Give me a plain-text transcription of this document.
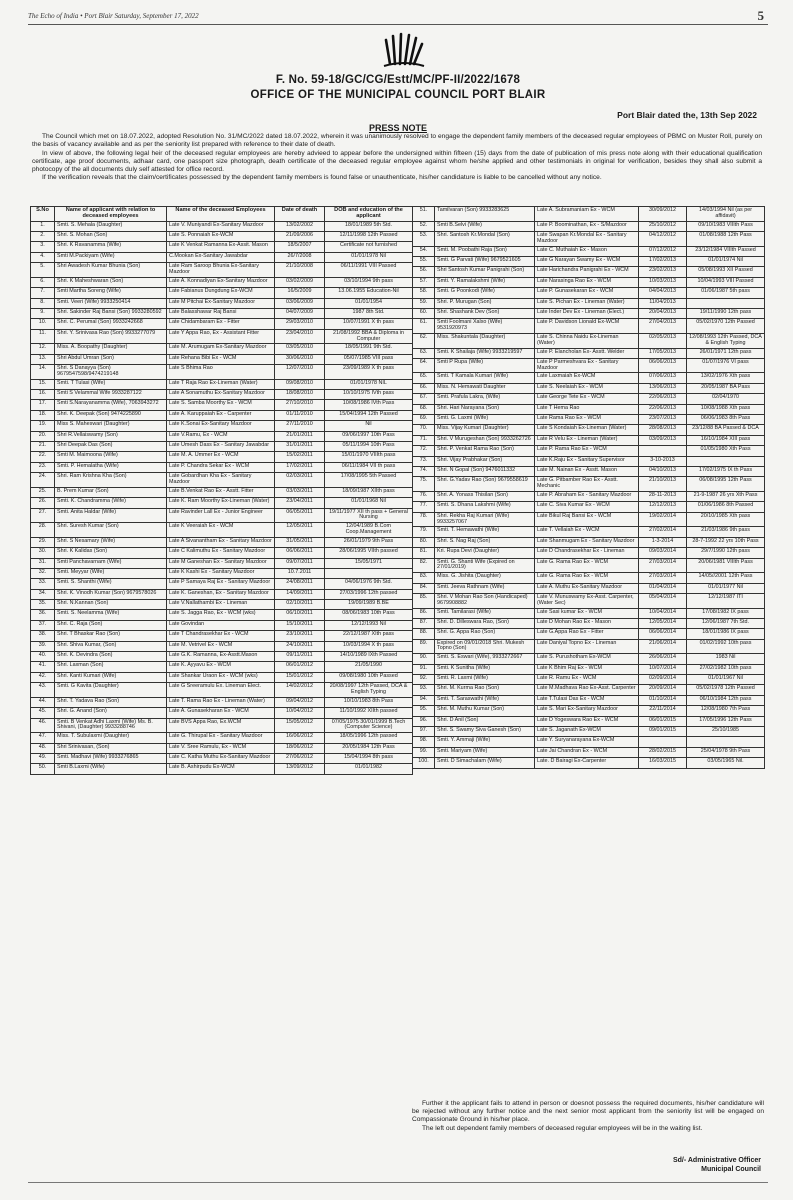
The Echo of India • Port Blair Saturday, September 17, 2022	5
F. No. 59-18/GC/CG/Estt/MC/PF-II/2022/1678
OFFICE OF THE MUNICIPAL COUNCIL PORT BLAIR
Port Blair dated the, 13th Sep 2022
PRESS NOTE

The Council which met on 18.07.2022, adopted Resolution No. 31/MC/2022 dated 18.07.2022, wherein it was unanimously resolved to engage the dependent family members of the deceased regular employees of PBMC on Muster Roll, purely on the basis of vacancy available and as per the seniority list prepared with reference to their date of death.

In view of above, the following legal heir of the deceased regular employees are hereby advieed to appear before the undersigned within fifteen (15) days from the date of publication of mis press note along with their educational qualification certificate, age proof documents, adhaar card, one passport size photograph, death certificate of the deceased regular employee against whom he/she applied and other testimonials in original for verification, besides they shall also submit a photocopy of the all documents duly self attested for office record.

If the verification reveals that the claim/certificates possessed by the dependent family members is found false or unauthenticate, his/her candidature is liable to be cancelled without any notice.

S.No	Name of applicant with relation to deceased employees	Name of the deceased Employees	Date of death	DOB and education of the applicant
1.	Smti. S. Mehala (Daughter)	Late V. Muniyandi Ex-Sanitary Mazdoor	13/02/2002	18/01/1989 5th Std.
2.	Shri. S. Mohan (Son)	Late S. Ponnaiah Ex-WCM	21/09/2006	12/11/1998 12th Passed
3.	Shri. K Ravanamma (Wife)	Late K Venkat Ramanna Ex-Assit. Mason	18/5/2007	Certificate not furnished
4.	Smti M.Packiyam (Wife)	C.Mookan Ex-Sanitary Jawabdar	26/7/2008	01/01/1978 Nil
5.	Shri Awadesh Kumar Bhunia (Son)	Late Ram Saroop Bhunia Ex-Sanitary Mazdoor	21/10/2008	06/11/1991 VIII Passed
6.	Shri. K Maheshwaran (Son)	Late A. Konnadiyan Ex-Sanitary Mazdoor	03/02/2009	03/10/1994 9th pass
7.	Smti Martha Soreng (Wife)	Late Fabianus Dungdung Ex-WCM	16/5/2009	13.06.1955 Education-Nil
8.	Smti. Veeri (Wife) 9933250414	Late M Pitchai Ex-Sanitary Mazdoor	03/06/2009	01/01/1954
9.	Shri. Sakinder Raj Bansi (Son) 9933280592	Late Balasshawar Raj Bansi	04/07/2009	1987 8th Std.
10.	Shri. C. Perumal (Son) 9933242668	Late Chidambaram Ex - Fitter	29/03/2010	10/07/1991 X th pass
11.	Shri. Y. Srinivasa Rao (Son) 9933277079	Late Y Appa Rao, Ex - Assistant Fitter	23/04/2010	21/08/1992 BBA & Diploma in Computer
12.	Miss. A. Boopathy (Daughter)	Late M. Arumugam Ex-Sanitary Mazdoor	03/05/2010	18/05/1991 9th Std.
13.	Shri Abdul Umran (Son)	Late Rehana Bibi Ex - WCM	30/06/2010	05/07/1985 VIII pass
14.	Shri. S Danayya (Son) 9679547598/9474219148	Late S Bhima Rao	12/07/2010	23/09/1989 X th pass
15.	Smti. T Tulasi (Wife)	Late T Raja Rao Ex-Lineman (Water)	09/08/2010	01/01/1978 NIL
16.	Smti S Velammal Wife 9933287122	Late A Sonamuthu Ex-Sanitary Mazdoor	18/08/2010	10/10/1975 IVth pass
17.	Smti S.Narayanamma (Wife), 7063943272	Late S. Samba Moorthy Ex - WCM	27/10/2010	10/08/1986 IVth Pass
18.	Shri. K. Deepak (Son) 9474225890	Late A. Karuppaiah Ex - Carpenter	01/11/2010	15/04/1994 12th Passed
19.	Miss S. Maheswari (Daughter)	Late K.Sonai Ex-Sanitary Mazdoor	27/11/2010	Nil
20.	Shri R.Vellaiswamy (Son)	Late V.Ramu, Ex - WCM	21/01/2011	09/06/1997 10th Pass
21.	Shri Deepak Das (Son)	Late Umesh Dass Ex - Sanitary Jawabdar	31/01/2011	05/11/1994 10th Pass
22.	Smti M. Maimoona (Wife)	Late M. A. Ummer Ex - WCM	15/02/2011	15/01/1970 VIIIth pass
23.	Smti. P. Hemalatha (Wife)	Late P. Chandra Sekar Ex - WCM	17/02/2011	06/11/1984 VII th pass
24.	Shri. Ram Krishna Kha (Son)	Late Gobardhan Kha Ex - Sanitary Mazdoor	02/03/2011	17/08/1995 5th Passed
25.	B. Prem Kumar (Son)	Late B.Venkat Rao Ex - Asstt. Fitter	03/03/2011	18/09/1987 XIIth pass
26.	Smti. K. Chandramma (Wife)	Late K. Ram Moorthy Ex-Lineman (Water)	23/04/2011	01/01/1968 Nil
27.	Smti. Anita Haldar (Wife)	Late Ravinder Lall Ex - Junior Engineer	06/05/2011	19/11/1977 XII th pass + General Nursing
28.	Shri. Suresh Kumar (Son)	Late K Veeraiah Ex - WCM	12/05/2011	12/04/1989 B.Com Coop.Management
29.	Shri. S Nesamary (Wife)	Late A Sivanantham Ex - Sanitary Mazdoor	31/05/2011	26/01/1979 9th Pass
30.	Shri. K Kalidas (Son)	Late C Kalimuthu Ex - Sanitary Mazdoor	06/06/2011	28/06/1995 VIIth passed
31.	Smti Panchavarnam (Wife)	Late M Ganeshan Ex - Sanitary Mazdoor	09/07/2011	15/05/1971
32.	Smti. Meyyar (Wife)	Late K Kashi Ex - Sanitary Mazdoor	10.7.2011	
33.	Smti. S. Shanthi (Wife)	Late P Samaya Raj Ex - Sanitary Mazdoor	24/08/2011	04/06/1976 9th Std.
34.	Shri. K. Vinodh Kumar (Son) 9679578026	Late K. Ganeshan, Ex - Sanitary Mazdoor	14/09/2011	27/03/1996 12th passed
35.	Shri. N.Kannan (Son)	Late V.Nallathambi Ex - Lineman	02/10/2011	19/09/1989 B.BE
36.	Smti. S. Neelamma (Wife)	Late S. Jagga Rao, Ex - WCM (wks)	06/10/2011	08/06/1983 10th Pass
37.	Shri. C. Raja (Son)	Late Govindan	15/10/2011	12/12/1993 Nil
38.	Shri. T Bhaskar Rao (Son)	Late T Chandrasekhar Ex - WCM	23/10/2011	22/12/1987 XIth pass
39.	Shri. Shiva Kumar, (Son)	Late M. Vetrivel Ex - WCM	24/10/2011	10/03/1994 X th pass
40.	Shri. K. Devindra (Son)	Late G.K. Ramanna, Ex-Asstt.Mason	09/11/2011	14/10/1989 IXth Passed
41.	Shri. Laxman (Son)	Late K. Ayyavu Ex - WCM	06/01/2012	21/05/1990
42.	Shri. Kanti Kumari (Wife)	Late Shankar Uraon Ex - WCM (wks)	15/01/2012	09/08/1980 10th Passed
43.	Smti. G Kavita (Daughter)	Late G Sreeramulu Ex. Lineman Elect.	14/02/2012	20/08/1997 12th Passed, DCA & English Typing
44.	Shri. T. Yadava Rao (Son)	Late T. Rama Rao Ex - Lineman (Water)	09/04/2012	10/10/1983 8th Pass
45.	Shri. G. Anand (Son)	Late A. Gunasekharan Ex - WCM	10/04/2012	11/10/1992 XIIth passed
46.	Smti. B Venkat Adhi Laxmi (Wife) Ms. B. Shivani, (Daughter) 9933288746	Late BVS Appa Rao, Ex.WCM	15/05/2012	07/05/1975 30/01/1999 B.Tech (Computer Science)
47.	Miss. T. Subulaxmi (Daughter)	Late G. Thirupal Ex - Sanitary Mazdoor	16/06/2012	18/05/1996 12th passed
48.	Shri Srinivasan, (Son)	Late V. Sree Ramulu, Ex - WCM	18/06/2012	20/05/1984 12th Pass
49.	Smti. Madhavi (Wife) 9933276865	Late C. Katha Muthu Ex-Sanitary Mazdoor	27/06/2012	15/04/1994 8th pass
50.	Smti B.Laxmi (Wife)	Late B. Ashirpudu Ex-WCM	13/09/2012	01/01/1982
51.	Tamilvaran (Son) 9933283625	Late A. Subramaniam Ex - WCM	30/09/2012	14/03/1994 Nil (as per affidavit)
52.	Smti B.Selvi (Wife)	Late P. Boominathan, Ex - S/Mazdoor	25/10/2012	09/10/1983 VIIIth Pass
53.	Shri. Santosh Kr.Mondal (Son)	Late Swapan Kr.Mondal Ex - Sanitary Mazdoor	04/12/2012	01/08/1988 12th Pass
54.	Smti. M. Poobathi Raja (Son)	Late C. Muthaiah Ex - Mason	07/12/2012	23/12/1984 VIIIth Passed
55.	Smti. G Parvati (Wife) 9679521605	Late G Narayan Swamy Ex - WCM	17/02/2013	01/01/1974 Nil
56.	Shri Santosh Kumar Panigrahi (Son)	Late Harichandra Panigrahi Ex - WCM	23/02/2013	05/08/1993 XII Passed
57.	Smti. Y. Ramalakshmi (Wife)	Late Narasinga Rao Ex - WCM	10/03/2013	10/04/1993 VIII Passed
58.	Smti. G Poonkodi (Wife)	Late P. Gunasekaran Ex - WCM	04/04/2013	01/06/1987 5th pass
59.	Shri. P. Murugan (Son)	Late S. Pichan Ex - Lineman (Water)	11/04/2013	
60.	Shri. Shashank Dev (Son)	Late Inder Dev Ex - Lineman (Elect.)	20/04/2013	19/11/1990 12th pass
61.	Smti Foolmani Xalxo (Wife) 9531920973	Late P. Davidson Lionald Ex-WCM	27/04/2013	05/02/1970 12th Passed
62.	Miss. Shakuntala (Daughter)	Late S. Chinna Naidu Ex-Lineman (Water)	02/05/2013	12/08/1993 12th Passed, DCA & English Typing
63.	Smti. K Shailaja (Wife) 9933219597	Late P. Elancholan Ex- Asstt. Welder	17/05/2013	26/01/1971 12th pass
64.	Smti P Rupa (Wife)	Late P Parmeshvara Ex - Sanitary Mazdoor	06/06/2013	01/07/1976 VI pass
65.	Smti. T Kamala Kumari (Wife)	Late Laxmaiah Ex-WCM	07/06/2013	13/02/1976 Xth pass
66.	Miss. N. Hemawati Daughter	Late S. Neelaiah Ex - WCM	13/06/2013	20/05/1987 BA Pass
67.	Smti. Prafula Lakra, (Wife)	Late George Tete Ex - WCM	22/06/2013	02/04/1970
68.	Shri. Hari Narayana (Son)	Late T Hema Rao	22/06/2013	10/08/1988 Xth pass
69.	Smti. G. Laxmi (Wife)	Late Rama Rao Ex - WCM	23/07/2013	06/06/1983 8th Pass
70.	Miss. Vijay Kumari (Daughter)	Late S Kondaiah Ex-Lineman (Water)	28/08/2013	23/12/88 BA Passed & DCA
71.	Shri. V Murugeshan (Son) 9933262726	Late R Velu Ex - Lineman (Water)	03/09/2013	16/10/1984 XIII pass
72.	Shri. P. Venkat Rama Rao (Son)	Late P. Rama Rao Ex - WCM		01/05/1980 Xth Pass
73.	Shri. Vijay Prabhakar (Son)	Late K.Raju Ex - Sanitary Supervisor	3-10-2013	
74.	Shri. N Gopal (Son) 9476011332	Late M. Nainan Ex - Asstt. Mason	04/10/2013	17/02/1975 IX th Pass
75.	Shri. G.Yadav Rao (Son) 9679558619	Late G. Pitbamber Rao Ex - Asstt. Mechanic	21/10/2013	06/08/1995 12th Pass
76.	Shri. A. Yonass Thisilan (Son)	Late P. Abraham Ex - Sanitary Mazdoor	28-11-2013	21-9-1987 26 yrs Xth Pass
77.	Smti. S. Dhana Lakshmi (Wife)	Late C. Siva Kumar Ex - WCM	12/12/2013	01/06/1986 8th Passed
78.	Shri. Rekha Raj Kumari (Wife) 9933257067	Late Bikul Raj Bansi Ex - WCM	19/02/2014	20/10/1985 Xth pass
79.	Smti. T. Hemawathi (Wife)	Late T. Vellaiah Ex - WCM	27/02/2014	21/03/1986 9th pass
80.	Shri. S. Nag Raj (Son)	Late Shanmugam Ex - Sanitary Mazdoor	1-3-2014	28-7-1992 22 yrs 10th Pass
81.	Kri. Rupa Devi (Daughter)	Late D Chandrasekhar Ex - Lineman	09/03/2014	29/7/1990 12th pass
82.	Smti. G. Shanti Wife (Expired on 27/01/2019)	Late G. Rama Rao Ex - WCM	27/03/2014	20/06/1981 VIIIth Pass
83.	Miss. G. Jishita (Daughter)	Late G. Rama Rao Ex - WCM	27/03/2014	14/05//2001 12th Pass
84.	Smti. Jeeva Rathnam (Wife)	Late A. Muthu Ex-Sanitary Mazdoor	01/04/2014	01/01/1977 Nil
85.	Shri. V Mohan Rao Son (Handicaped) 9679908882	Late V. Munuswamy Ex-Asst. Carpenter, (Water Sec)	05/04/2014	12/12/1987 ITI
86.	Smti. Tamilarasi (Wife)	Late Sasi kumar Ex - WCM	10/04/2014	17/08/1982 IX pass
87.	Shri. D. Dilleswara Rao, (Son)	Late D Mohan Rao Ex - Mason	12/05/2014	12/06/1987 7th Std.
88.	Shri. G. Appa Rao (Son)	Late G.Appa Rao Ex - Fitter	06/06/2014	18/01/1986 IX pass
89.	Expired on 09/01/2018 Shri. Mukesh Topno (Son)	Late Daniyal Topno Ex - Lineman	21/06/2014	01/02/1992 10th pass
90.	Smti. S. Eswari (Wife), 9933272667	Late S. Purushotham Ex-WCM	26/06/2014	1983 Nil
91.	Smti. K Sunitha (Wife)	Late K Bhim Raj Ex - WCM	10/07/2014	27/02/1982 10th pass
92.	Smti. R. Laxmi (Wife)	Late R. Ramu Ex - WCM	02/09/2014	01/01/1967 Nil
93.	Shri. M. Kurma Rao (Son)	Late M.Madhava Rao Ex-Asst. Carpenter	20/09/2014	05/02/1978 12th Passed
94.	Smti. T. Saraswathi (Wife)	Late T.Tulasi Das Ex - WCM	01/10/2014	06/10/1984 12th pass
95.	Shri. M. Muthu Kumar (Son)	Late S. Mari Ex-Sanitary Mazdoor	22/11/2014	12/08/1980 7th Pass
96.	Shri. D Anil (Son)	Late D Yogeswara Rao Ex - WCM	06/01/2015	17/05/1996 12th Pass
97.	Shri. S. Swamy Siva Ganesh (Son)	Late S. Jaganath Ex-WCM	09/01/2015	25/10/1985
98.	Smti. Y. Ammaji (Wife)	Late Y. Suryanarayana Ex-WCM		
99.	Smti. Mariyam (Wife)	Late Jai Chandran Ex - WCM	28/02/2015	25/04/1978 9th Pass
100.	Smti. D Simachalam (Wife)	Late. D Bairagi Ex-Carpenter	16/03/2015	03/05/1965 Nil.

Further it the applicant fails to attend in person or doesnot possess the required documents, his/her candidature will be rejected without any further notice and the next senior most applicant from the seniority list will be engaged on Compassionate Ground in his/her place.

The left out dependent family members of deceased regular employees will be in the waiting list.

Sd/- Administrative Officer
Municipal Council
